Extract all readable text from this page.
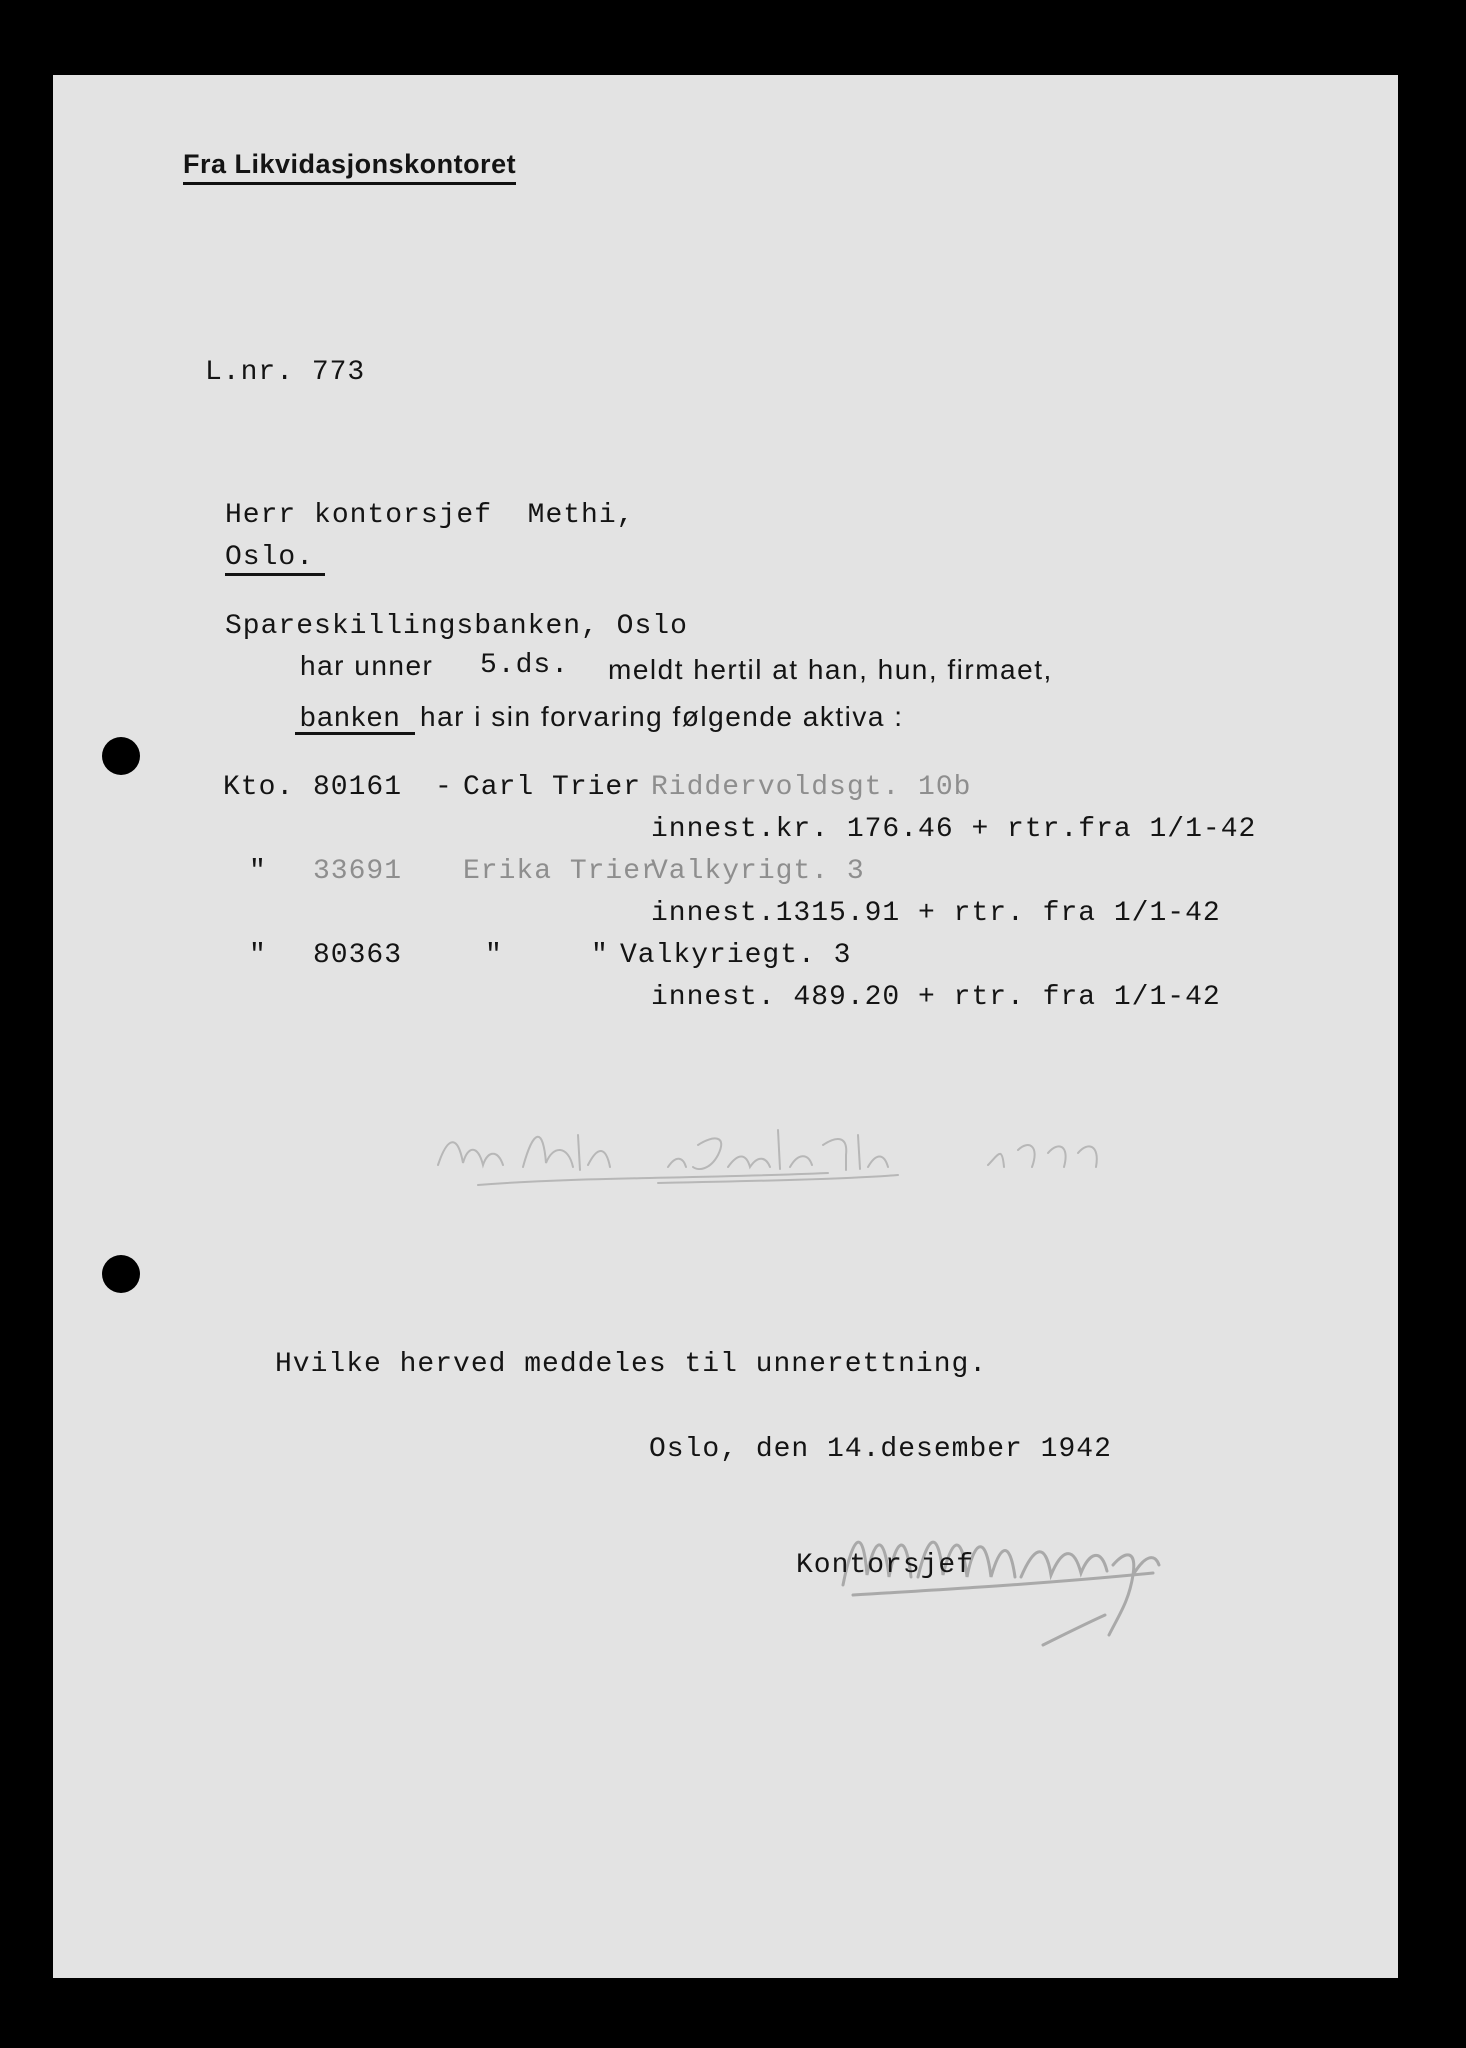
Fra Likvidasjonskontoret
L.nr. 773
Herr kontorsjef  Methi,
Oslo.
Spareskillingsbanken, Oslo
har unner 5.ds. meldt hertil at han, hun, firmaet,
banken har i sin forvaring følgende aktiva :
Kto. 80161 - Carl Trier Riddervoldsgt. 10b
innest.kr. 176.46 + rtr.fra 1/1-42
" 33691 Erika Trier
Valkyrigt. 3
innest.1315.91 + rtr. fra 1/1-42
" 80363	"	" Valkyriegt. 3
innest. 489.20 + rtr. fra 1/1-42
Hvilke herved meddeles til unnerettning.
Oslo, den 14.desember 1942
Kontorsjef
